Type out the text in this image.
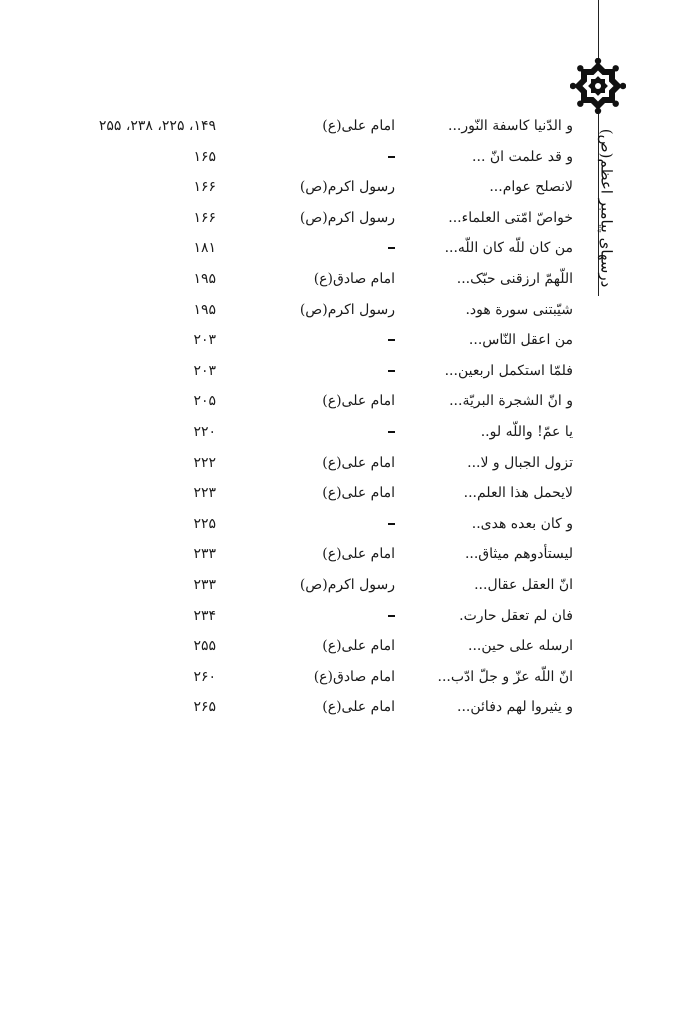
درسهای پیامبر اعظم(ص)
و الدّنیا کاسفة النّور...
امام علی(ع)
۱۴۹، ۲۲۵، ۲۳۸، ۲۵۵
و قد علمت انّ ...
۱۶۵
لانصلح عوام...
رسول اکرم(ص)
۱۶۶
خواصّ امّتی العلماء...
رسول اکرم(ص)
۱۶۶
من کان للّه کان اللّه...
۱۸۱
اللّهمّ ارزقنی حبّک...
امام صادق(ع)
۱۹۵
شیّبتنی سورة هود.
رسول اکرم(ص)
۱۹۵
من اعقل النّاس...
۲۰۳
فلمّا استکمل اربعین...
۲۰۳
و انّ الشجرة البریّة...
امام علی(ع)
۲۰۵
یا عمّ! واللّه لو..
۲۲۰
تزول الجبال و لا...
امام علی(ع)
۲۲۲
لایحمل هذا العلم...
امام علی(ع)
۲۲۳
و کان بعده هدی..
۲۲۵
لیستأدوهم میثاق...
امام علی(ع)
۲۳۳
انّ العقل عقال...
رسول اکرم(ص)
۲۳۳
فان لم تعقل حارت.
۲۳۴
ارسله علی حین...
امام علی(ع)
۲۵۵
انّ اللّه عزّ و جلّ ادّب...
امام صادق(ع)
۲۶۰
و یثیروا لهم دفائن...
امام علی(ع)
۲۶۵
